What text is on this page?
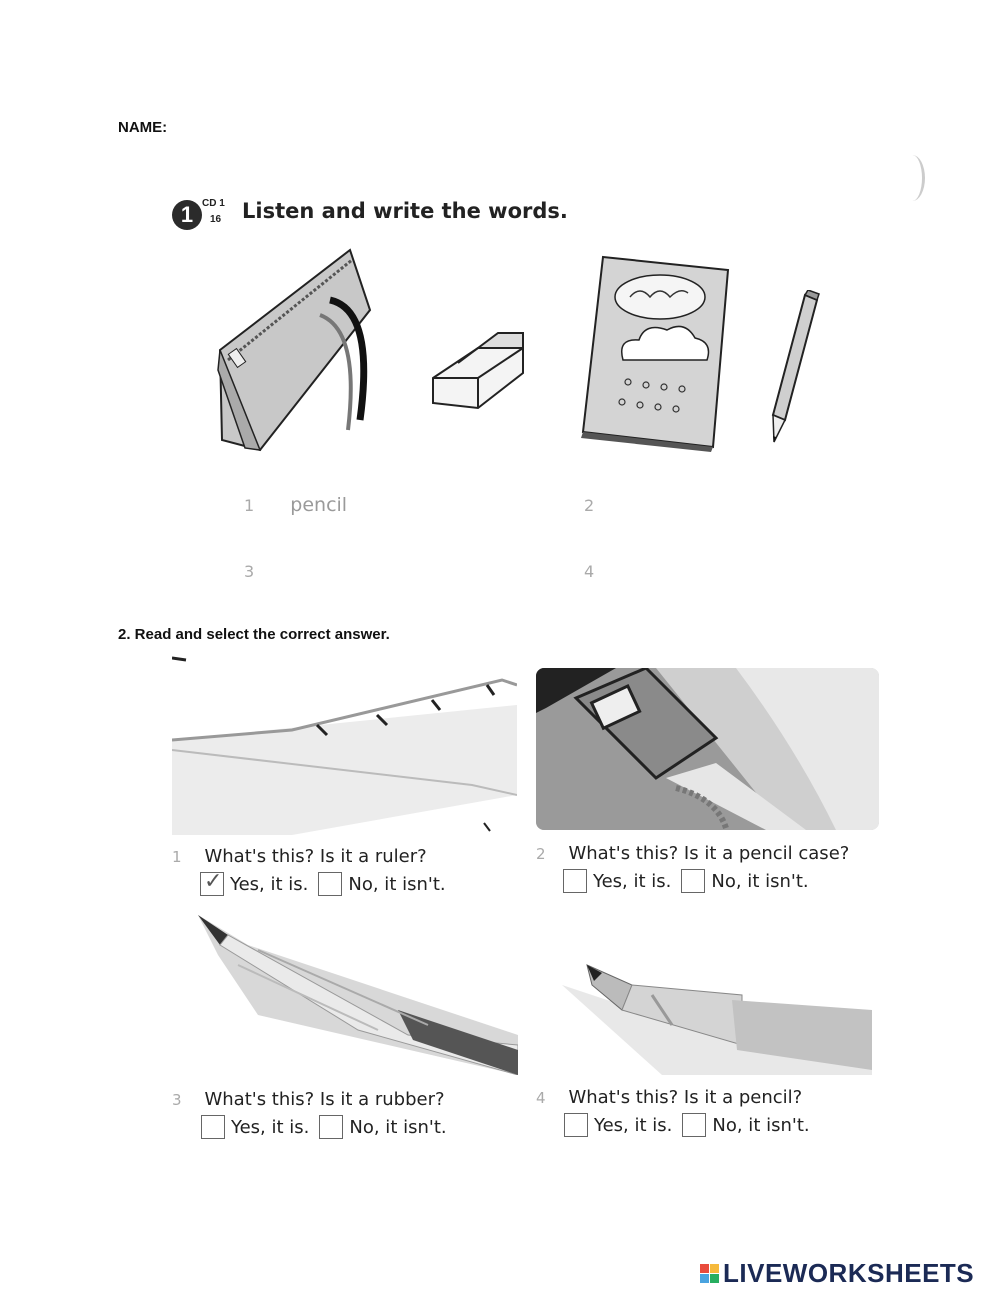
NAME:
1 CD 1
16 Listen and write the words.
1 pencil	2
3	4
2. Read and select the correct answer.
1 What's this? Is it a ruler?
✓ Yes, it is. No, it isn't.
2 What's this? Is it a pencil case?
Yes, it is. No, it isn't.
3 What's this? Is it a rubber?
Yes, it is. No, it isn't.
4 What's this? Is it a pencil?
Yes, it is. No, it isn't.
LIVEWORKSHEETS
